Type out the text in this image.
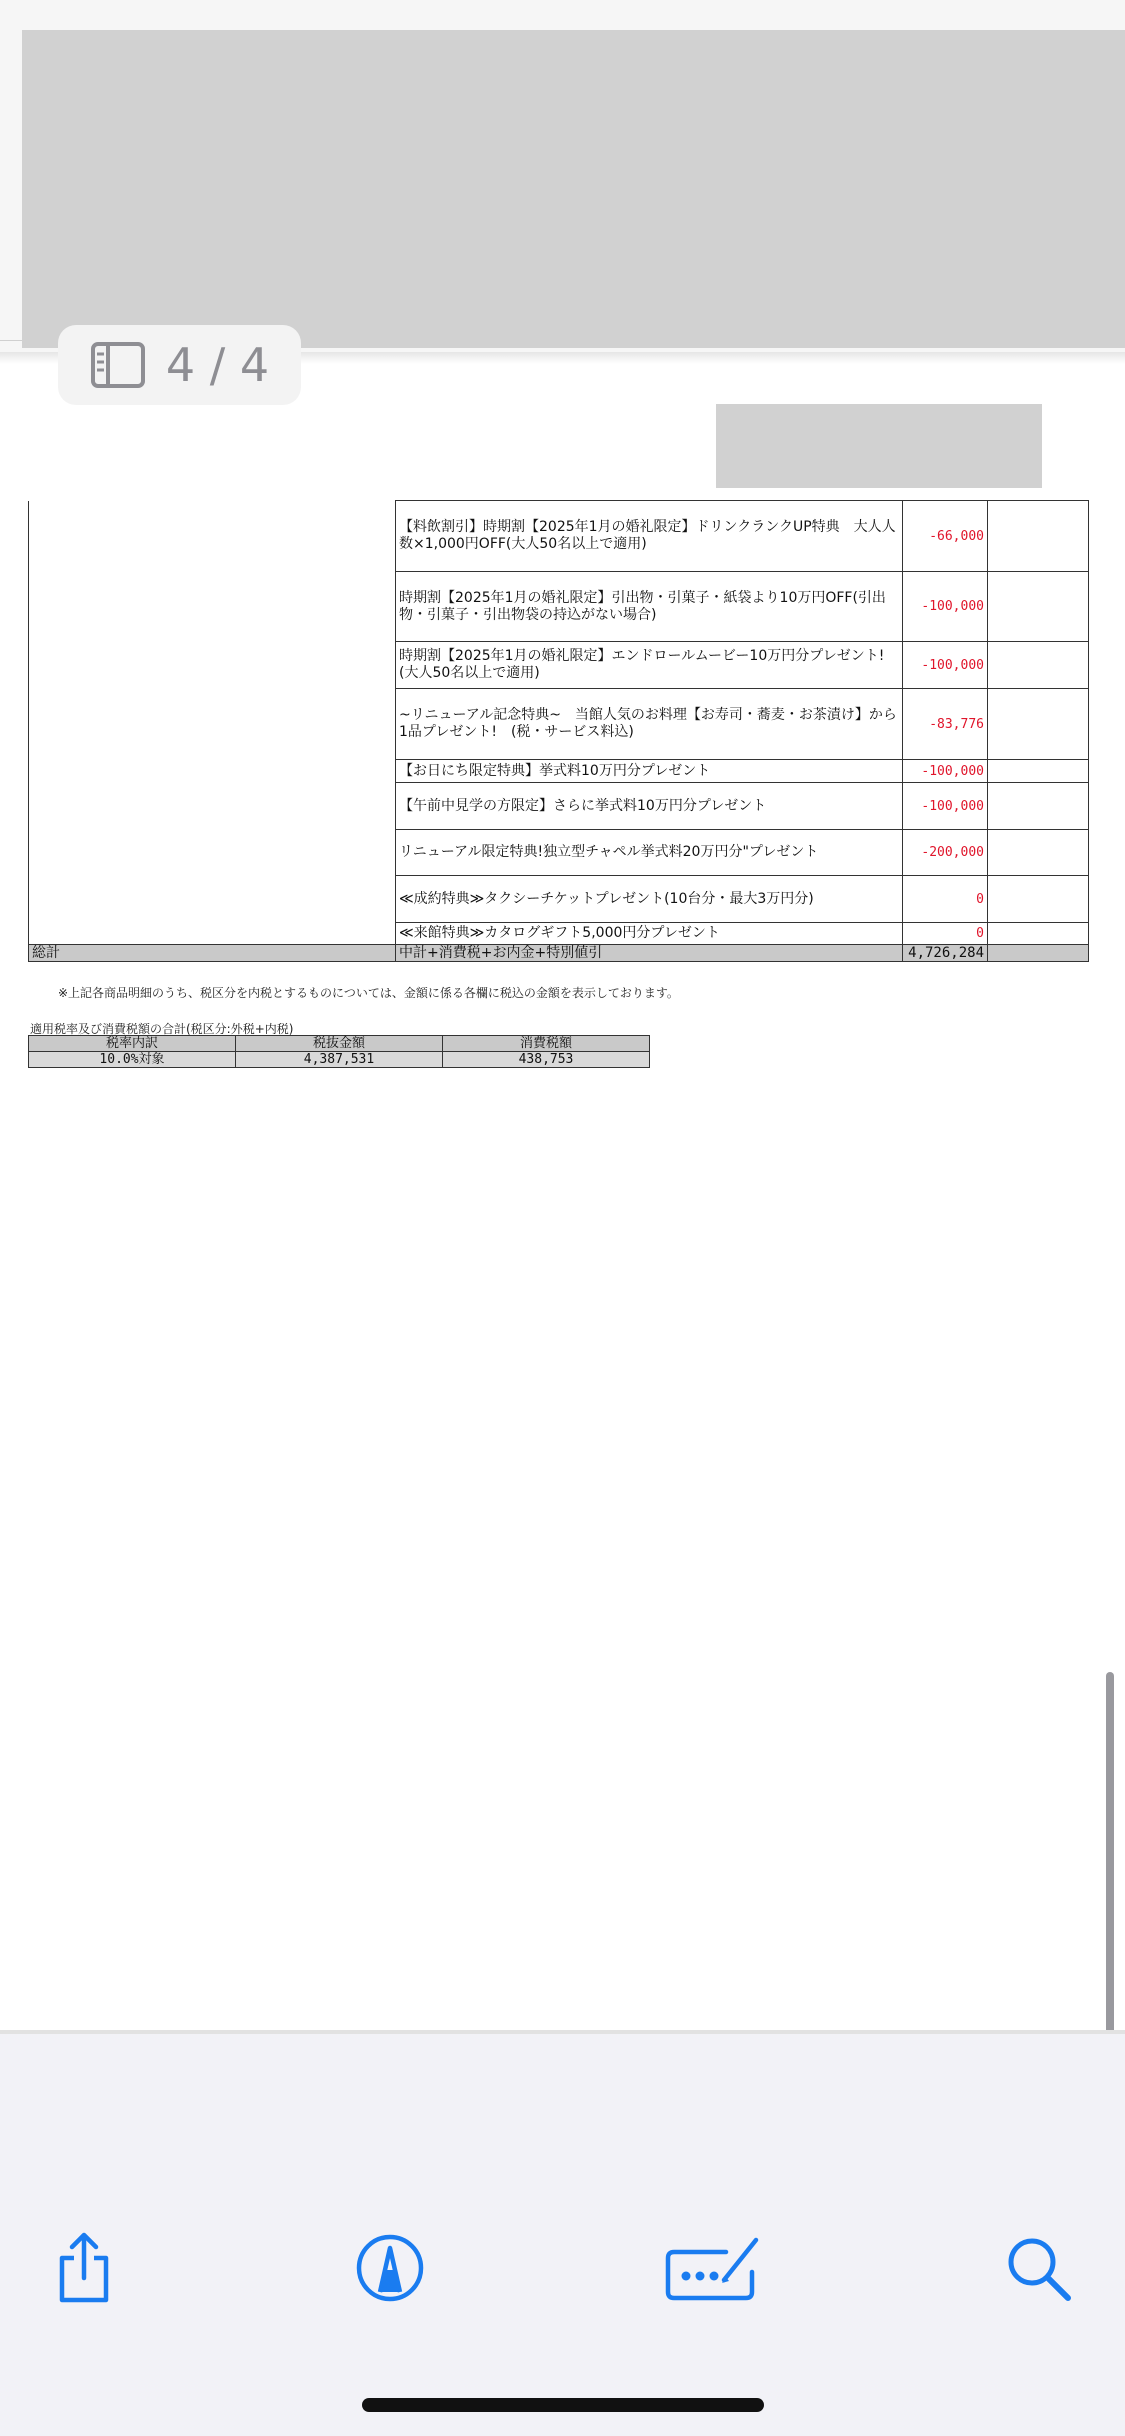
4 / 4
	【料飲割引】時期割【2025年1月の婚礼限定】ドリンクランクUP特典　大人人数×1,000円OFF(大人50名以上で適用)	-66,000	
	時期割【2025年1月の婚礼限定】引出物・引菓子・紙袋より10万円OFF(引出物・引菓子・引出物袋の持込がない場合)	-100,000	
	時期割【2025年1月の婚礼限定】エンドロールムービー10万円分プレゼント!(大人50名以上で適用)	-100,000	
	~リニューアル記念特典~　当館人気のお料理【お寿司・蕎麦・お茶漬け】から1品プレゼント!　(税・サービス料込)	-83,776	
	【お日にち限定特典】挙式料10万円分プレゼント	-100,000	
	【午前中見学の方限定】さらに挙式料10万円分プレゼント	-100,000	
	リニューアル限定特典!独立型チャペル挙式料20万円分"プレゼント	-200,000	
	≪成約特典≫タクシーチケットプレゼント(10台分・最大3万円分)	0	
	≪来館特典≫カタログギフト5,000円分プレゼント	0	
総計	中計+消費税+お内金+特別値引	4,726,284	
※上記各商品明細のうち、税区分を内税とするものについては、金額に係る各欄に税込の金額を表示しております。
適用税率及び消費税額の合計(税区分:外税+内税)
税率内訳	税抜金額	消費税額
10.0%対象	4,387,531	438,753
